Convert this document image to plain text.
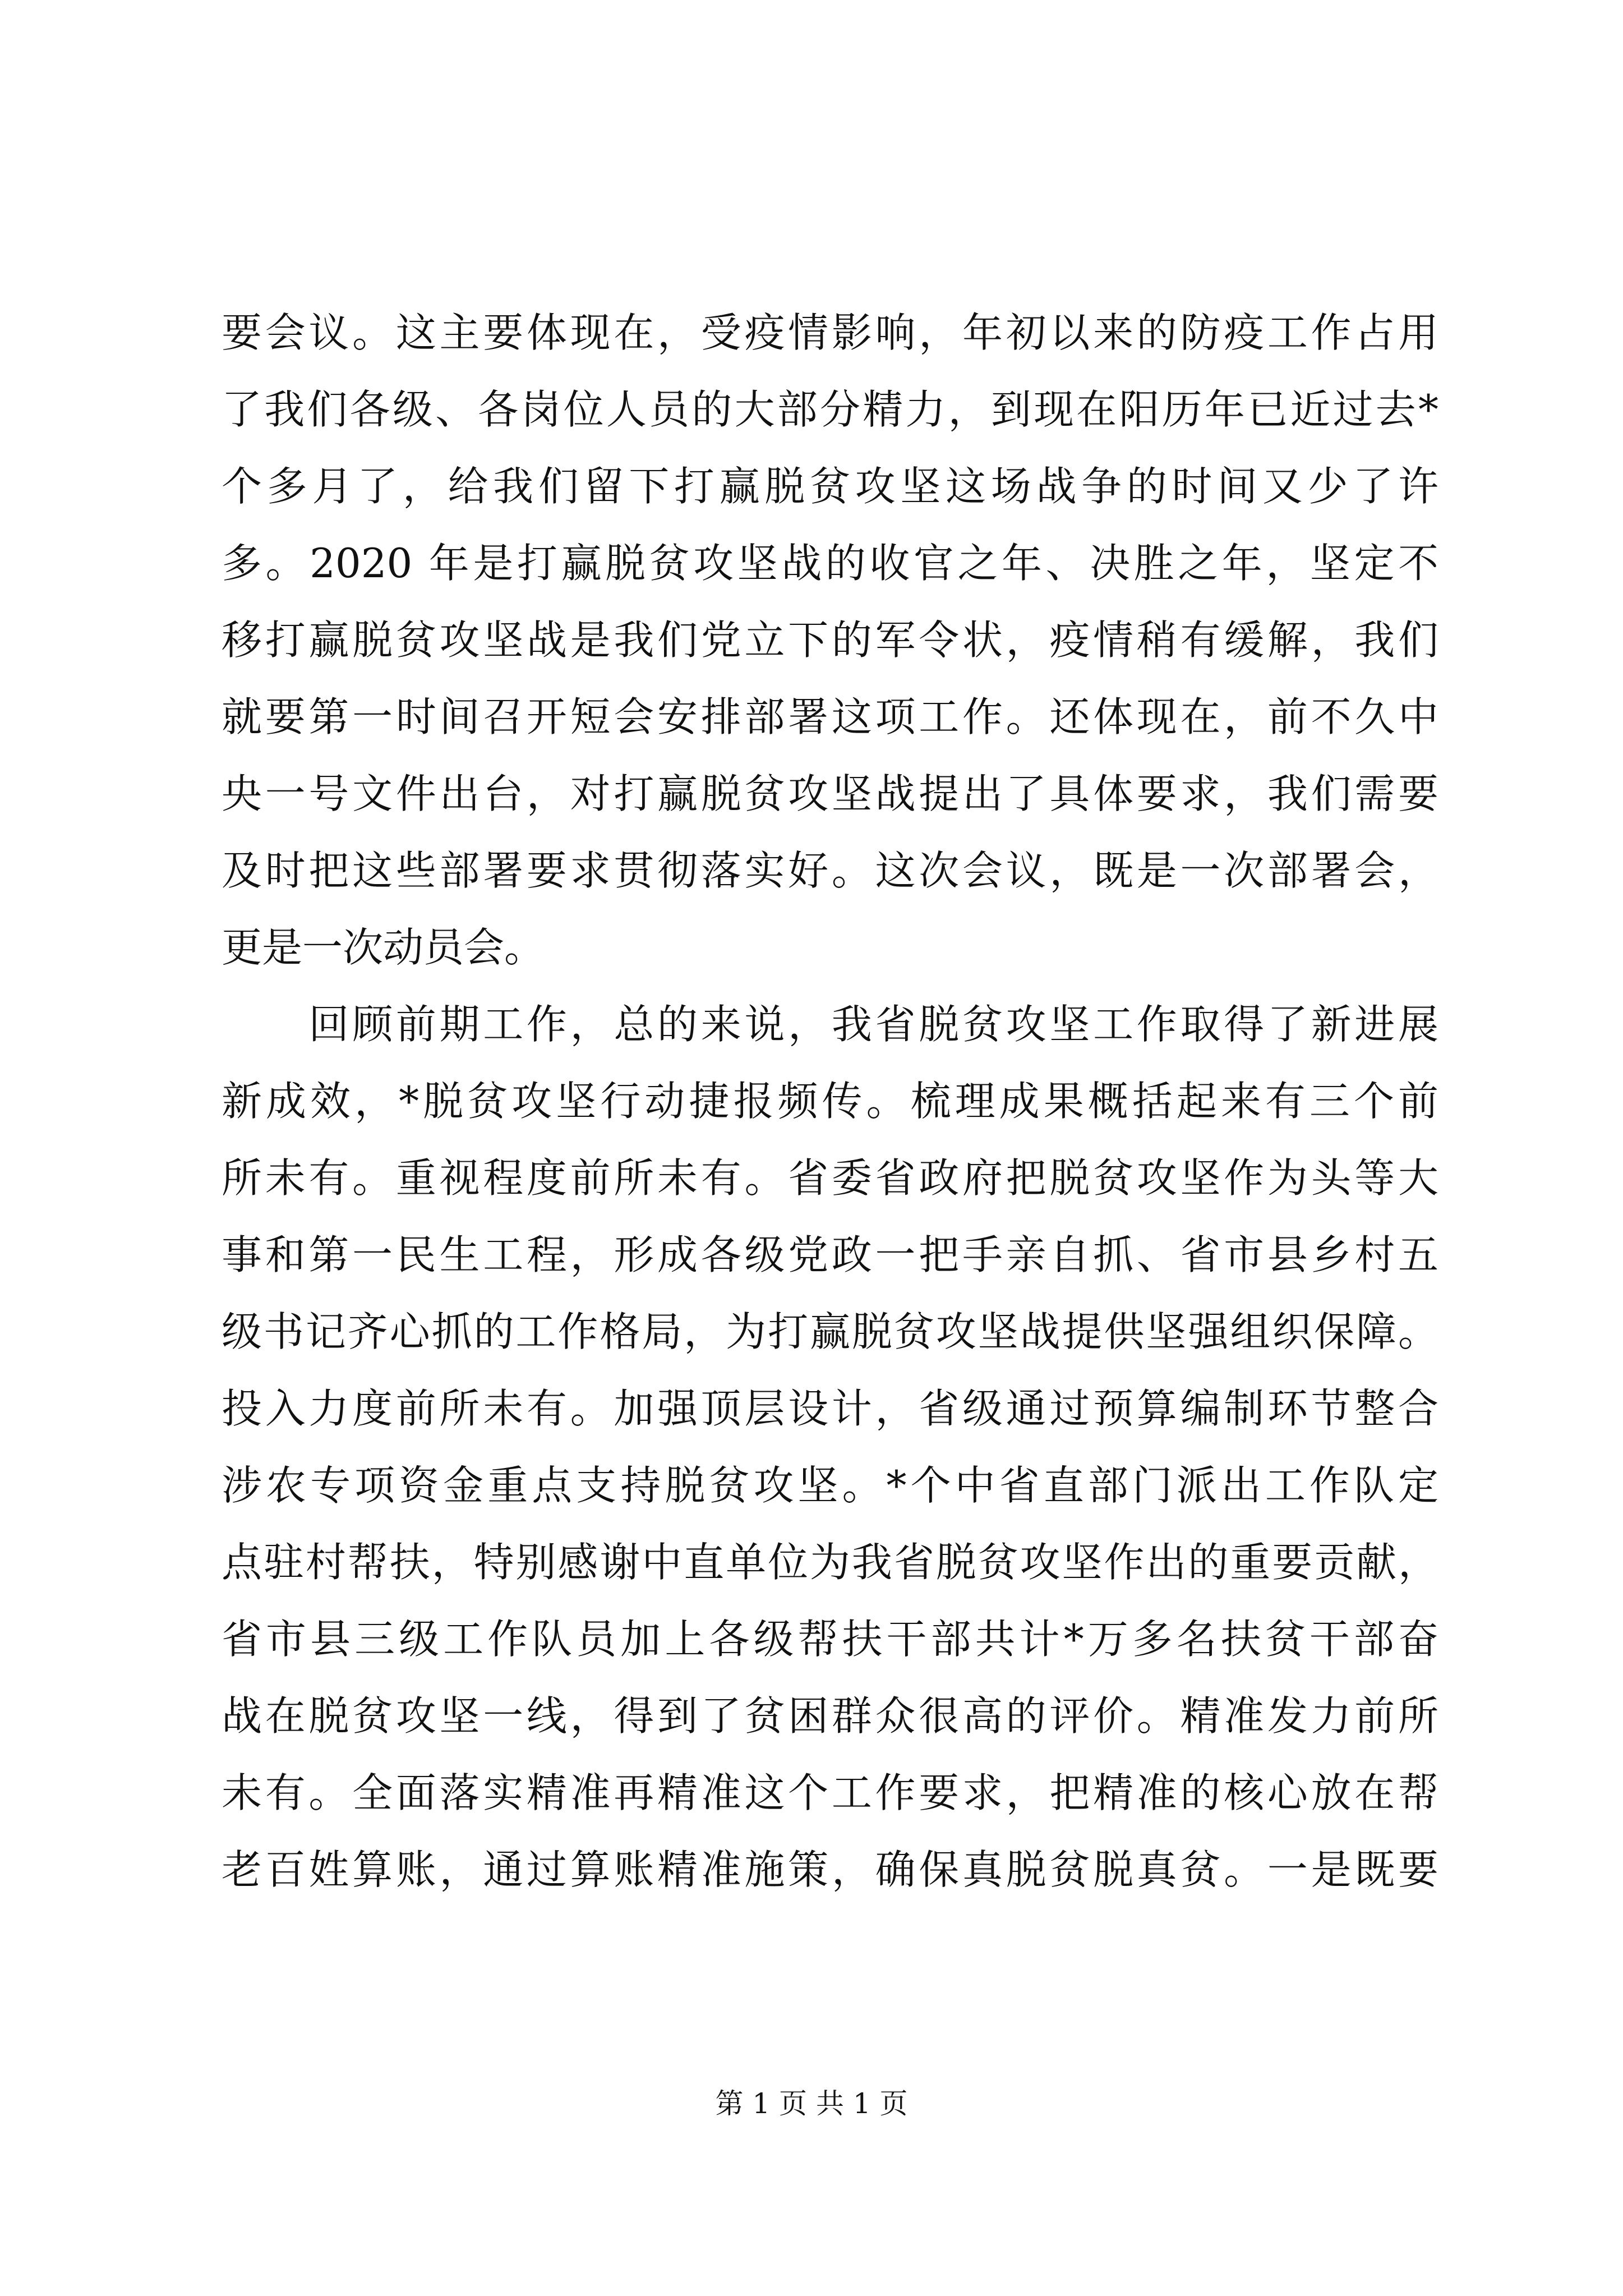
要会议。这主要体现在，受疫情影响，年初以来的防疫工作占用
了我们各级、各岗位人员的大部分精力，到现在阳历年已近过去*
个多月了，给我们留下打赢脱贫攻坚这场战争的时间又少了许
多。2020 年是打赢脱贫攻坚战的收官之年、决胜之年，坚定不
移打赢脱贫攻坚战是我们党立下的军令状，疫情稍有缓解，我们
就要第一时间召开短会安排部署这项工作。还体现在，前不久中
央一号文件出台，对打赢脱贫攻坚战提出了具体要求，我们需要
及时把这些部署要求贯彻落实好。这次会议，既是一次部署会，
更是一次动员会。
　　回顾前期工作，总的来说，我省脱贫攻坚工作取得了新进展
新成效，*脱贫攻坚行动捷报频传。梳理成果概括起来有三个前
所未有。重视程度前所未有。省委省政府把脱贫攻坚作为头等大
事和第一民生工程，形成各级党政一把手亲自抓、省市县乡村五
级书记齐心抓的工作格局，为打赢脱贫攻坚战提供坚强组织保障。
投入力度前所未有。加强顶层设计，省级通过预算编制环节整合
涉农专项资金重点支持脱贫攻坚。*个中省直部门派出工作队定
点驻村帮扶，特别感谢中直单位为我省脱贫攻坚作出的重要贡献，
省市县三级工作队员加上各级帮扶干部共计*万多名扶贫干部奋
战在脱贫攻坚一线，得到了贫困群众很高的评价。精准发力前所
未有。全面落实精准再精准这个工作要求，把精准的核心放在帮
老百姓算账，通过算账精准施策，确保真脱贫脱真贫。一是既要
第 1 页 共 1 页
